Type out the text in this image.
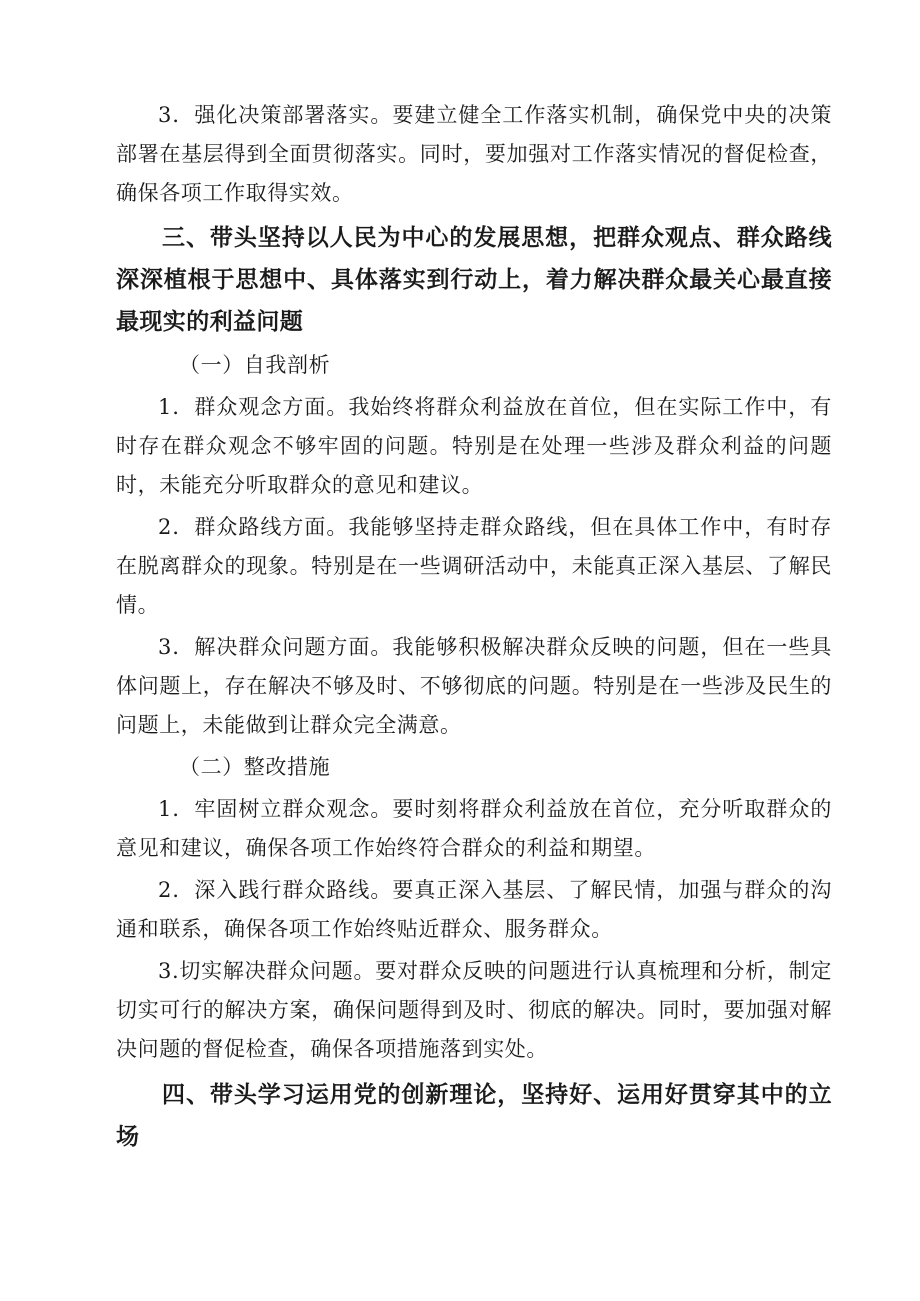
3．强化决策部署落实。要建立健全工作落实机制，确保党中央的决策部署在基层得到全面贯彻落实。同时，要加强对工作落实情况的督促检查，确保各项工作取得实效。

三、带头坚持以人民为中心的发展思想，把群众观点、群众路线深深植根于思想中、具体落实到行动上，着力解决群众最关心最直接最现实的利益问题

（一）自我剖析

1．群众观念方面。我始终将群众利益放在首位，但在实际工作中，有时存在群众观念不够牢固的问题。特别是在处理一些涉及群众利益的问题时，未能充分听取群众的意见和建议。

2．群众路线方面。我能够坚持走群众路线，但在具体工作中，有时存在脱离群众的现象。特别是在一些调研活动中，未能真正深入基层、了解民情。

3．解决群众问题方面。我能够积极解决群众反映的问题，但在一些具体问题上，存在解决不够及时、不够彻底的问题。特别是在一些涉及民生的问题上，未能做到让群众完全满意。

（二）整改措施

1．牢固树立群众观念。要时刻将群众利益放在首位，充分听取群众的意见和建议，确保各项工作始终符合群众的利益和期望。

2．深入践行群众路线。要真正深入基层、了解民情，加强与群众的沟通和联系，确保各项工作始终贴近群众、服务群众。

3.切实解决群众问题。要对群众反映的问题进行认真梳理和分析，制定切实可行的解决方案，确保问题得到及时、彻底的解决。同时，要加强对解决问题的督促检查，确保各项措施落到实处。

四、带头学习运用党的创新理论，坚持好、运用好贯穿其中的立场
